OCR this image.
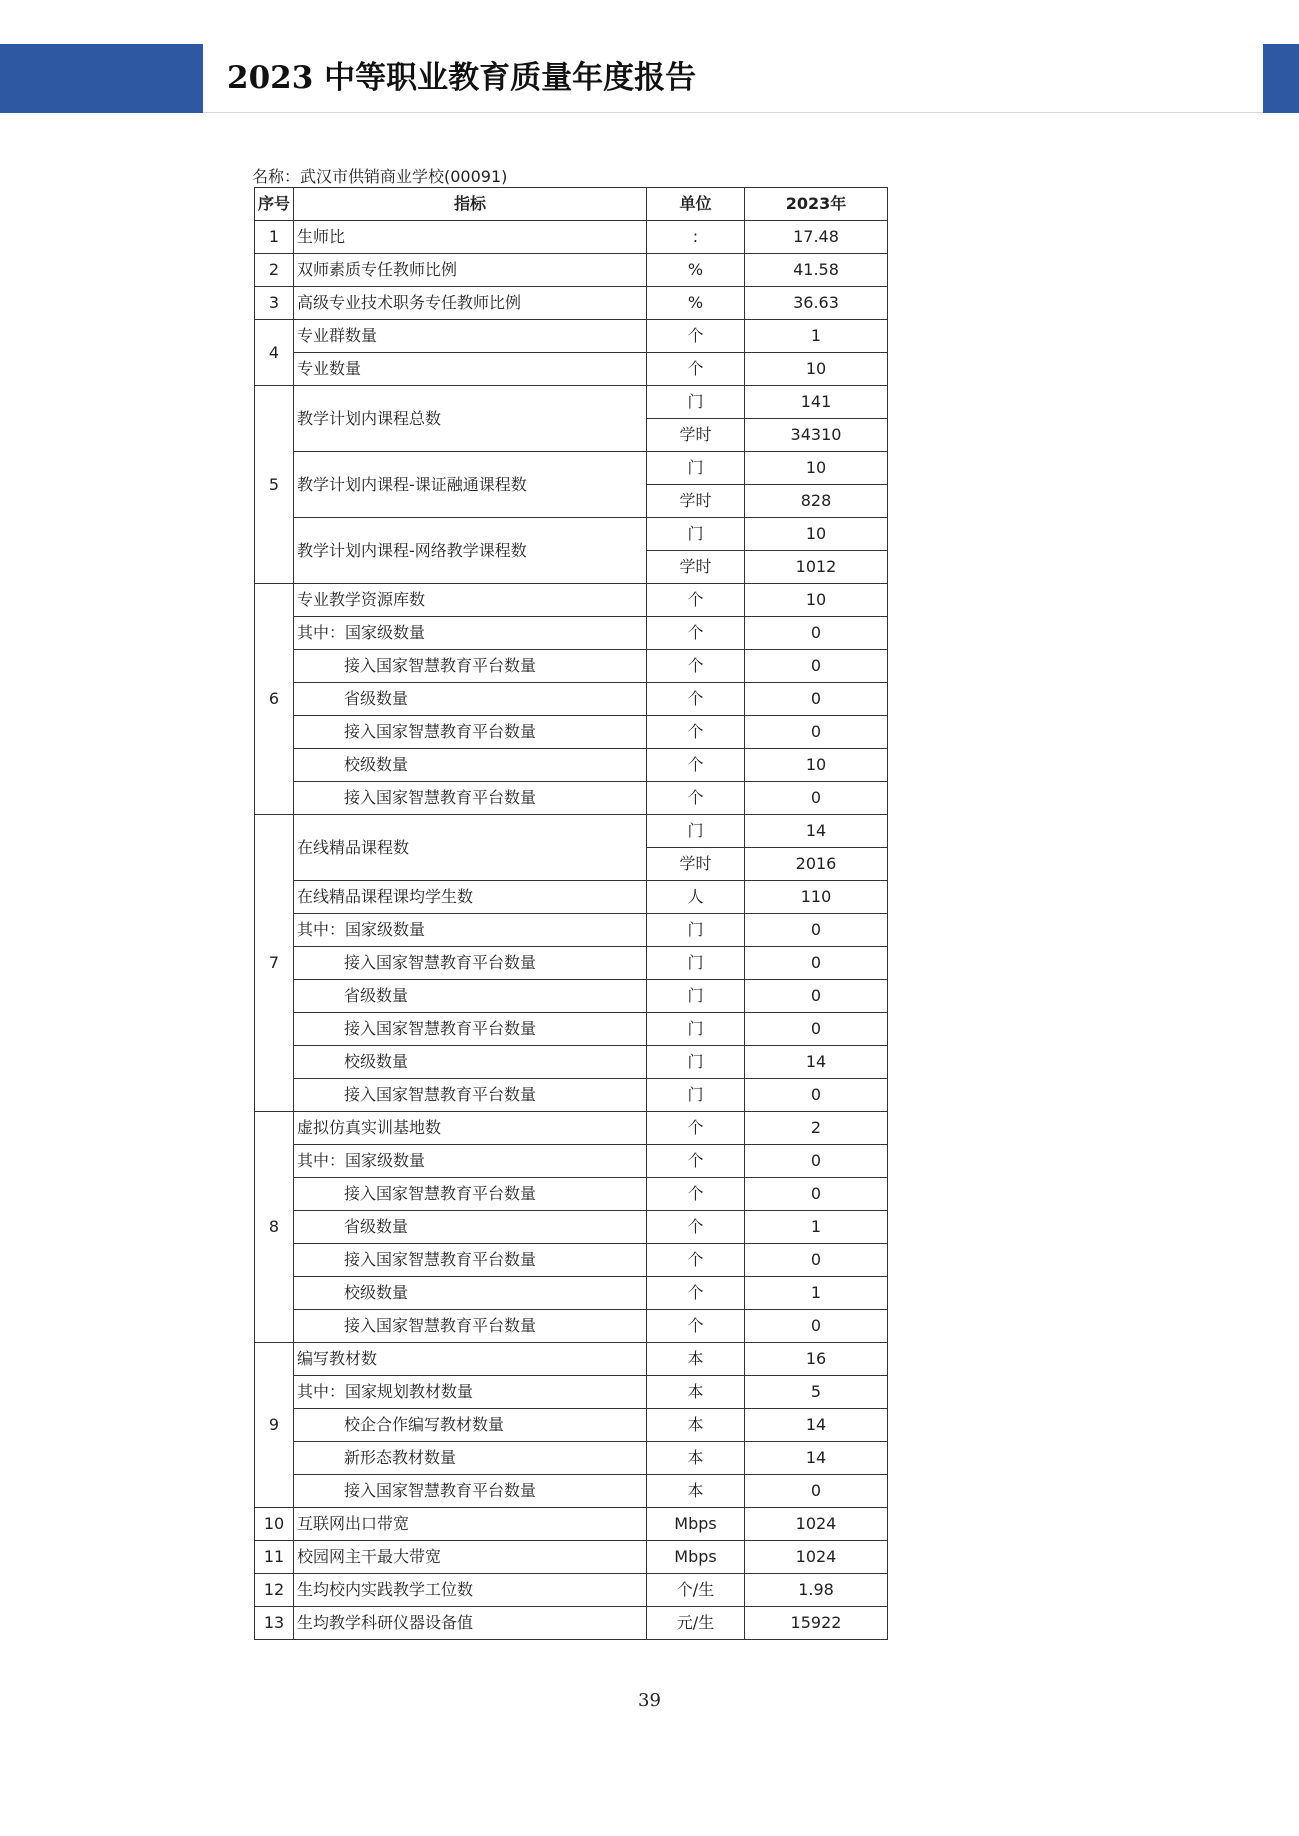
2023 中等职业教育质量年度报告
名称：武汉市供销商业学校(00091)
序号	指标	单位	2023年
1	生师比	:	17.48
2	双师素质专任教师比例	%	41.58
3	高级专业技术职务专任教师比例	%	36.63
4	专业群数量	个	1
	专业数量	个	10
5	教学计划内课程总数	门	141
		学时	34310
	教学计划内课程-课证融通课程数	门	10
		学时	828
	教学计划内课程-网络教学课程数	门	10
		学时	1012
6	专业教学资源库数	个	10
	其中：国家级数量	个	0
	接入国家智慧教育平台数量	个	0
	省级数量	个	0
	接入国家智慧教育平台数量	个	0
	校级数量	个	10
	接入国家智慧教育平台数量	个	0
7	在线精品课程数	门	14
		学时	2016
	在线精品课程课均学生数	人	110
	其中：国家级数量	门	0
	接入国家智慧教育平台数量	门	0
	省级数量	门	0
	接入国家智慧教育平台数量	门	0
	校级数量	门	14
	接入国家智慧教育平台数量	门	0
8	虚拟仿真实训基地数	个	2
	其中：国家级数量	个	0
	接入国家智慧教育平台数量	个	0
	省级数量	个	1
	接入国家智慧教育平台数量	个	0
	校级数量	个	1
	接入国家智慧教育平台数量	个	0
9	编写教材数	本	16
	其中：国家规划教材数量	本	5
	校企合作编写教材数量	本	14
	新形态教材数量	本	14
	接入国家智慧教育平台数量	本	0
10	互联网出口带宽	Mbps	1024
11	校园网主干最大带宽	Mbps	1024
12	生均校内实践教学工位数	个/生	1.98
13	生均教学科研仪器设备值	元/生	15922
39
